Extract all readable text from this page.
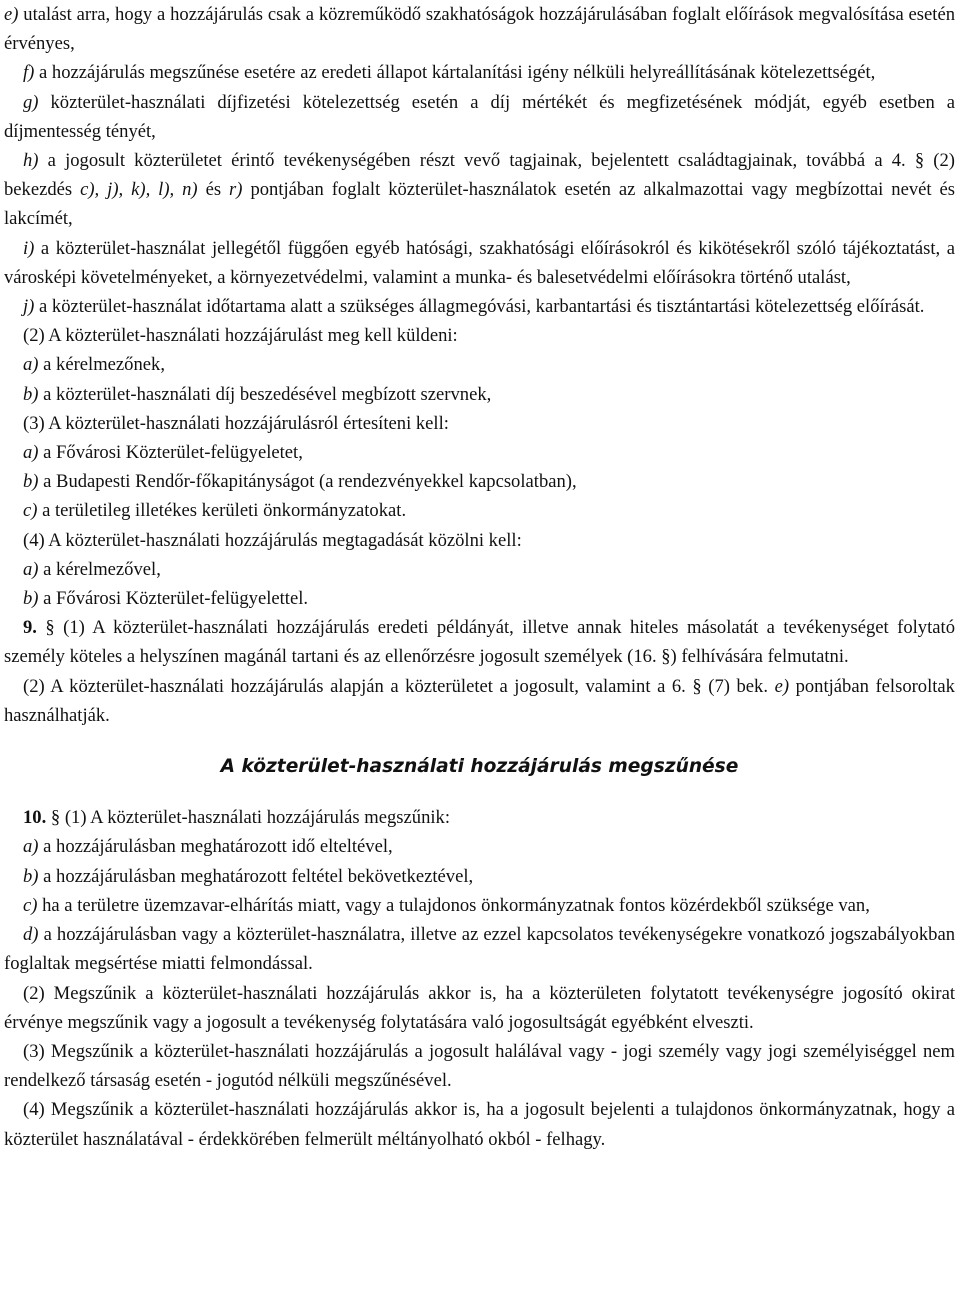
e) utalást arra, hogy a hozzájárulás csak a közreműködő szakhatóságok hozzájárulásában foglalt előírások megvalósítása esetén érvényes,

f) a hozzájárulás megszűnése esetére az eredeti állapot kártalanítási igény nélküli helyreállításának kötelezettségét,

g) közterület-használati díjfizetési kötelezettség esetén a díj mértékét és megfizetésének módját, egyéb esetben a díjmentesség tényét,

h) a jogosult közterületet érintő tevékenységében részt vevő tagjainak, bejelentett családtagjainak, továbbá a 4. § (2) bekezdés c), j), k), l), n) és r) pontjában foglalt közterület-használatok esetén az alkalmazottai vagy megbízottai nevét és lakcímét,

i) a közterület-használat jellegétől függően egyéb hatósági, szakhatósági előírásokról és kikötésekről szóló tájékoztatást, a városképi követelményeket, a környezetvédelmi, valamint a munka- és balesetvédelmi előírásokra történő utalást,

j) a közterület-használat időtartama alatt a szükséges állagmegóvási, karbantartási és tisztántartási kötelezettség előírását.

(2) A közterület-használati hozzájárulást meg kell küldeni:

a) a kérelmezőnek,

b) a közterület-használati díj beszedésével megbízott szervnek,

(3) A közterület-használati hozzájárulásról értesíteni kell:

a) a Fővárosi Közterület-felügyeletet,

b) a Budapesti Rendőr-főkapitányságot (a rendezvényekkel kapcsolatban),

c) a területileg illetékes kerületi önkormányzatokat.

(4) A közterület-használati hozzájárulás megtagadását közölni kell:

a) a kérelmezővel,

b) a Fővárosi Közterület-felügyelettel.

9. § (1) A közterület-használati hozzájárulás eredeti példányát, illetve annak hiteles másolatát a tevékenységet folytató személy köteles a helyszínen magánál tartani és az ellenőrzésre jogosult személyek (16. §) felhívására felmutatni.

(2) A közterület-használati hozzájárulás alapján a közterületet a jogosult, valamint a 6. § (7) bek. e) pontjában felsoroltak használhatják.

A közterület-használati hozzájárulás megszűnése

10. § (1) A közterület-használati hozzájárulás megszűnik:

a) a hozzájárulásban meghatározott idő elteltével,

b) a hozzájárulásban meghatározott feltétel bekövetkeztével,

c) ha a területre üzemzavar-elhárítás miatt, vagy a tulajdonos önkormányzatnak fontos közérdekből szüksége van,

d) a hozzájárulásban vagy a közterület-használatra, illetve az ezzel kapcsolatos tevékenységekre vonatkozó jogszabályokban foglaltak megsértése miatti felmondással.

(2) Megszűnik a közterület-használati hozzájárulás akkor is, ha a közterületen folytatott tevékenységre jogosító okirat érvénye megszűnik vagy a jogosult a tevékenység folytatására való jogosultságát egyébként elveszti.

(3) Megszűnik a közterület-használati hozzájárulás a jogosult halálával vagy - jogi személy vagy jogi személyiséggel nem rendelkező társaság esetén - jogutód nélküli megszűnésével.

(4) Megszűnik a közterület-használati hozzájárulás akkor is, ha a jogosult bejelenti a tulajdonos önkormányzatnak, hogy a közterület használatával - érdekkörében felmerült méltányolható okból - felhagy.
